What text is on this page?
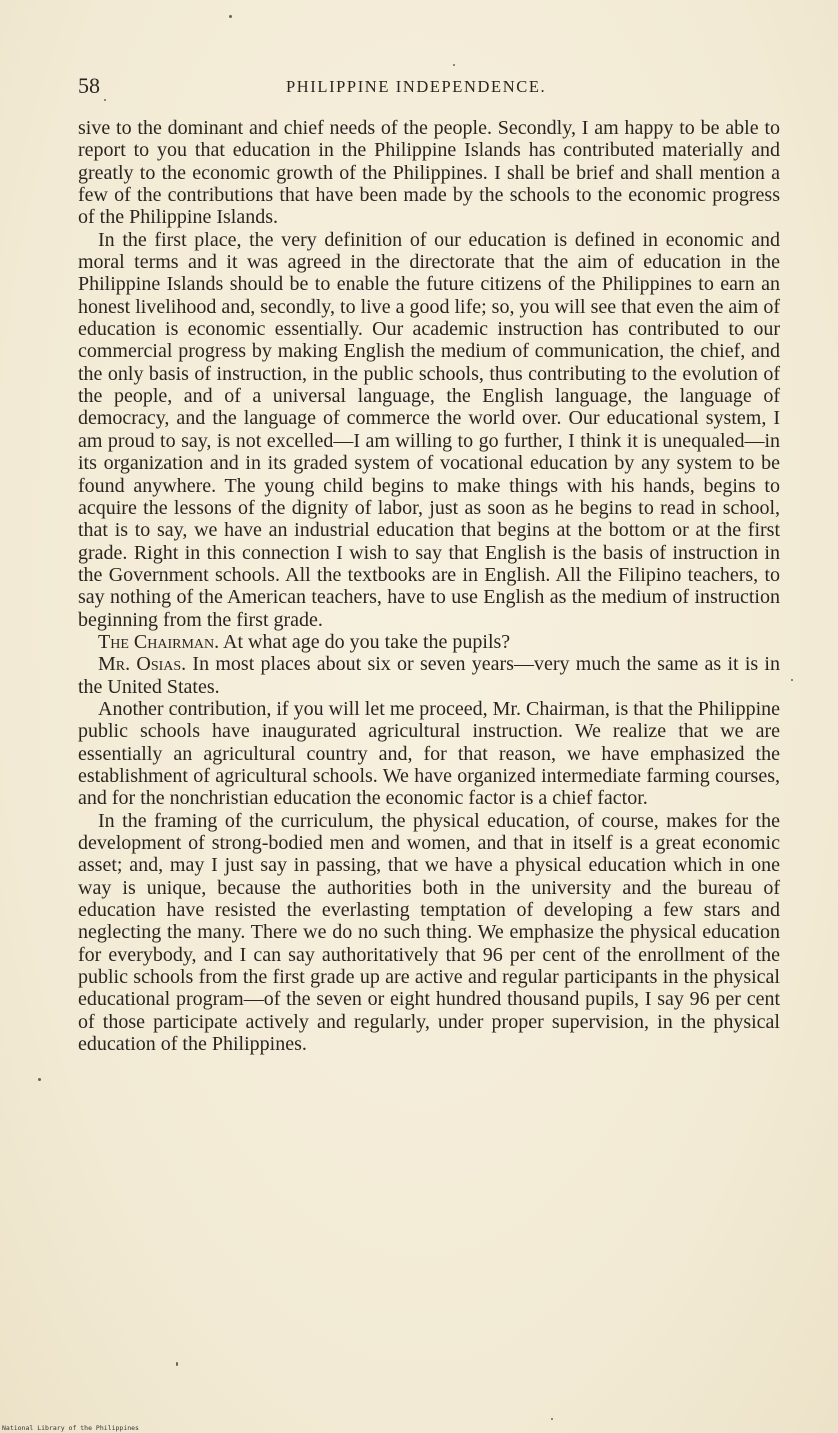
58	PHILIPPINE INDEPENDENCE.

sive to the dominant and chief needs of the people. Secondly, I am happy to be able to report to you that education in the Philippine Islands has contributed materially and greatly to the economic growth of the Philippines. I shall be brief and shall mention a few of the contributions that have been made by the schools to the economic progress of the Philippine Islands.

In the first place, the very definition of our education is defined in economic and moral terms and it was agreed in the directorate that the aim of education in the Philippine Islands should be to enable the future citizens of the Philippines to earn an honest livelihood and, secondly, to live a good life; so, you will see that even the aim of education is economic essentially. Our academic instruction has contributed to our commercial progress by making English the medium of communication, the chief, and the only basis of instruction, in the public schools, thus contributing to the evolution of the people, and of a universal language, the English language, the language of democracy, and the language of commerce the world over. Our educational system, I am proud to say, is not excelled—I am willing to go further, I think it is unequaled—in its organization and in its graded system of vocational education by any system to be found anywhere. The young child begins to make things with his hands, begins to acquire the lessons of the dignity of labor, just as soon as he begins to read in school, that is to say, we have an industrial education that begins at the bottom or at the first grade. Right in this connection I wish to say that English is the basis of instruction in the Government schools. All the textbooks are in English. All the Filipino teachers, to say nothing of the American teachers, have to use English as the medium of instruction beginning from the first grade.

The Chairman. At what age do you take the pupils?

Mr. Osias. In most places about six or seven years—very much the same as it is in the United States.

Another contribution, if you will let me proceed, Mr. Chairman, is that the Philippine public schools have inaugurated agricultural instruction. We realize that we are essentially an agricultural country and, for that reason, we have emphasized the establishment of agricultural schools. We have organized intermediate farming courses, and for the nonchristian education the economic factor is a chief factor.

In the framing of the curriculum, the physical education, of course, makes for the development of strong-bodied men and women, and that in itself is a great economic asset; and, may I just say in passing, that we have a physical education which in one way is unique, because the authorities both in the university and the bureau of education have resisted the everlasting temptation of developing a few stars and neglecting the many. There we do no such thing. We emphasize the physical education for everybody, and I can say authoritatively that 96 per cent of the enrollment of the public schools from the first grade up are active and regular participants in the physical educational program—of the seven or eight hundred thousand pupils, I say 96 per cent of those participate actively and regularly, under proper supervision, in the physical education of the Philippines.

National Library of the Philippines
